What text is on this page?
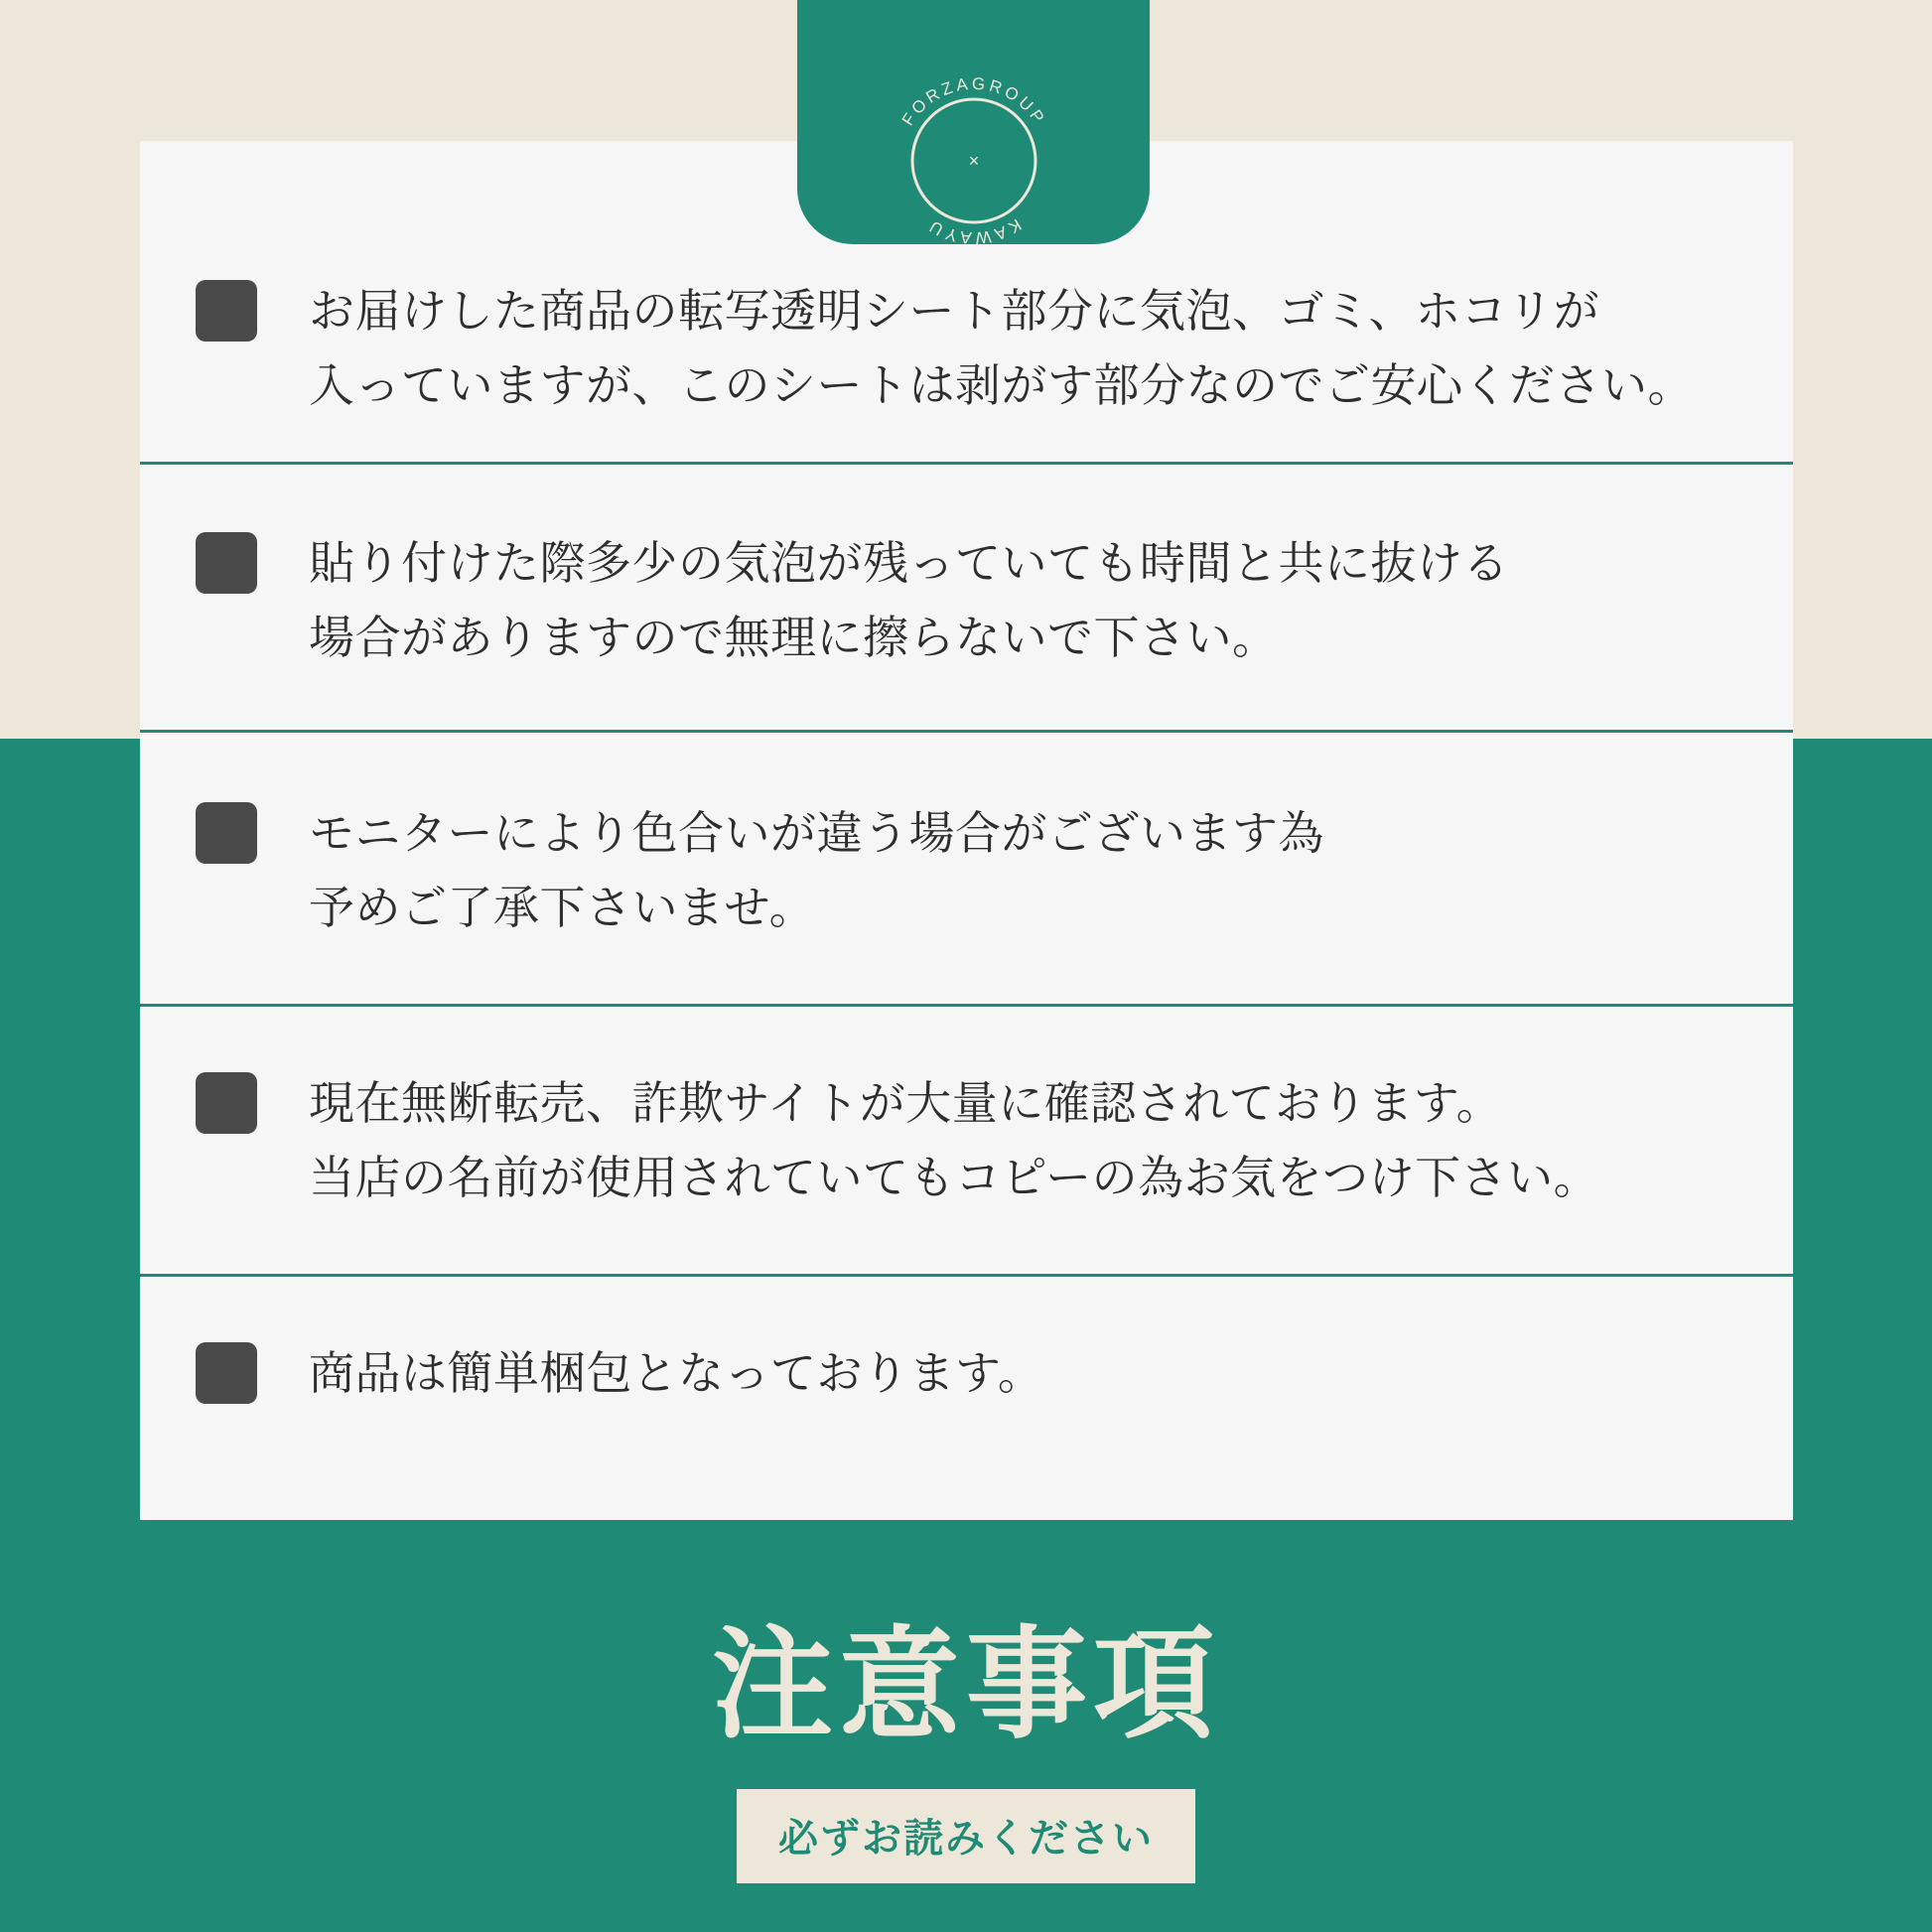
FORZAGROUP
KAWAYU
×
お届けした商品の転写透明シート部分に気泡、ゴミ、ホコリが
入っていますが、このシートは剥がす部分なのでご安心ください。
貼り付けた際多少の気泡が残っていても時間と共に抜ける
場合がありますので無理に擦らないで下さい。
モニターにより色合いが違う場合がございます為
予めご了承下さいませ。
現在無断転売、詐欺サイトが大量に確認されております。
当店の名前が使用されていてもコピーの為お気をつけ下さい。
商品は簡単梱包となっております。
注意事項
必ずお読みください
